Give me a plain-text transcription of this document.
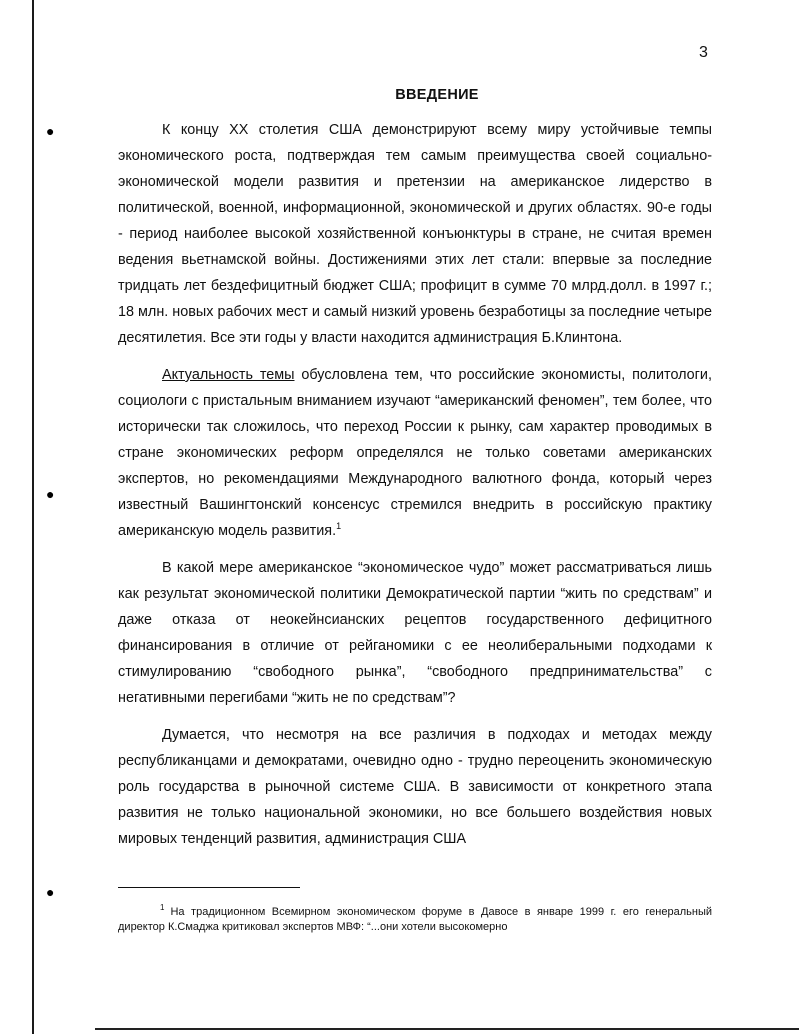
●
●
●
3
ВВЕДЕНИЕ

К концу XX столетия США демонстрируют всему миру устойчивые темпы экономического роста, подтверждая тем самым преимущества своей социально-экономической модели развития и претензии на американское лидерство в политической, военной, информационной, экономической и других областях. 90-е годы - период наиболее высокой хозяйственной конъюнктуры в стране, не считая времен ведения вьетнамской войны. Достижениями этих лет стали: впервые за последние тридцать лет бездефицитный бюджет США; профицит в сумме 70 млрд.долл. в 1997 г.; 18 млн. новых рабочих мест и самый низкий уровень безработицы за последние четыре десятилетия. Все эти годы у власти находится администрация Б.Клинтона.

Актуальность темы обусловлена тем, что российские экономисты, политологи, социологи с пристальным вниманием изучают “американский феномен”, тем более, что исторически так сложилось, что переход России к рынку, сам характер проводимых в стране экономических реформ определялся не только советами американских экспертов, но рекомендациями Международного валютного фонда, который через известный Вашингтонский консенсус стремился внедрить в российскую практику американскую модель развития.$^1$

В какой мере американское “экономическое чудо” может рассматриваться лишь как результат экономической политики Демократической партии “жить по средствам” и даже отказа от неокейнсианских рецептов государственного дефицитного финансирования в отличие от рейганомики с ее неолиберальными подходами к стимулированию “свободного рынка”, “свободного предпринимательства” с негативными перегибами “жить не по средствам”?

Думается, что несмотря на все различия в подходах и методах между республиканцами и демократами, очевидно одно - трудно переоценить экономическую роль государства в рыночной системе США. В зависимости от конкретного этапа развития не только национальной экономики, но все большего воздействия новых мировых тенденций развития, администрация США

$^1$ На традиционном Всемирном экономическом форуме в Давосе в январе 1999 г. его генеральный директор К.Смаджа критиковал экспертов МВФ: “...они хотели высокомерно
